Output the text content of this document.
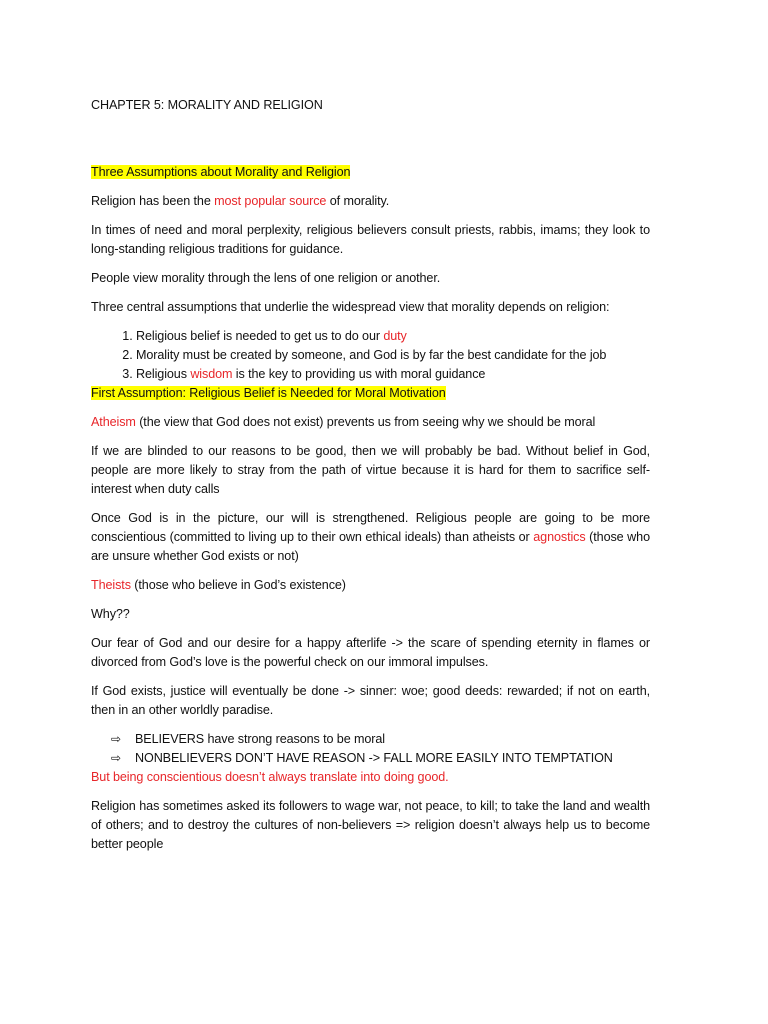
CHAPTER 5: MORALITY AND RELIGION

Three Assumptions about Morality and Religion

Religion has been the most popular source of morality.

In times of need and moral perplexity, religious believers consult priests, rabbis, imams; they look to long-standing religious traditions for guidance.

People view morality through the lens of one religion or another.

Three central assumptions that underlie the widespread view that morality depends on religion:

1. Religious belief is needed to get us to do our duty
2. Morality must be created by someone, and God is by far the best candidate for the job
3. Religious wisdom is the key to providing us with moral guidance

First Assumption: Religious Belief is Needed for Moral Motivation

Atheism (the view that God does not exist) prevents us from seeing why we should be moral

If we are blinded to our reasons to be good, then we will probably be bad. Without belief in God, people are more likely to stray from the path of virtue because it is hard for them to sacrifice self- interest when duty calls

Once God is in the picture, our will is strengthened. Religious people are going to be more conscientious (committed to living up to their own ethical ideals) than atheists or agnostics (those who are unsure whether God exists or not)

Theists (those who believe in God’s existence)

Why??

Our fear of God and our desire for a happy afterlife -> the scare of spending eternity in flames or divorced from God’s love is the powerful check on our immoral impulses.

If God exists, justice will eventually be done -> sinner: woe; good deeds: rewarded; if not on earth, then in an other worldly paradise.

⇨ BELIEVERS have strong reasons to be moral
⇨ NONBELIEVERS DON’T HAVE REASON -> FALL MORE EASILY INTO TEMPTATION

But being conscientious doesn’t always translate into doing good.

Religion has sometimes asked its followers to wage war, not peace, to kill; to take the land and wealth of others; and to destroy the cultures of non-believers => religion doesn’t always help us to become better people
